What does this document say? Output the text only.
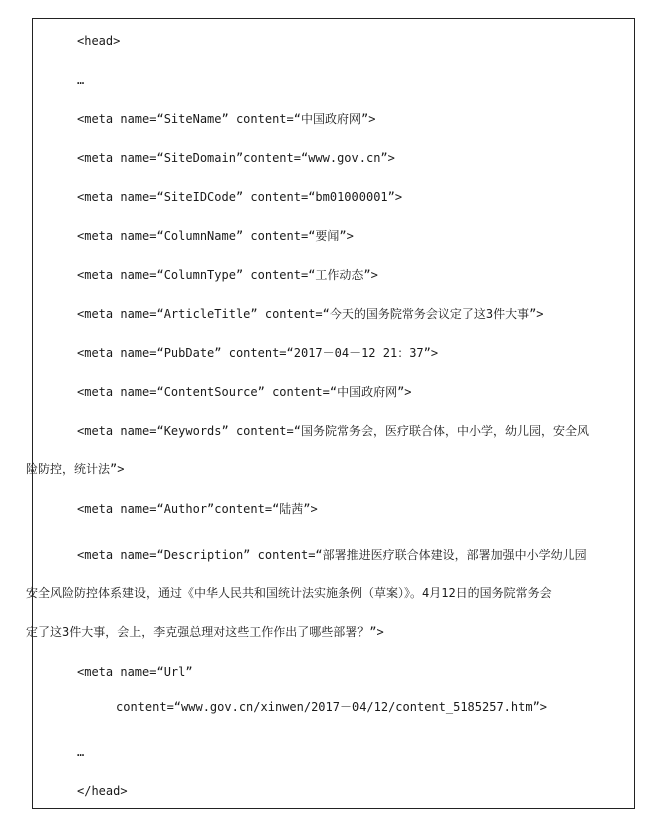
<head>
…
<meta name=“SiteName” content=“中国政府网”>
<meta name=“SiteDomain”content=“www.gov.cn”>
<meta name=“SiteIDCode” content=“bm01000001”>
<meta name=“ColumnName” content=“要闻”>
<meta name=“ColumnType” content=“工作动态”>
<meta name=“ArticleTitle” content=“今天的国务院常务会议定了这3件大事”>
<meta name=“PubDate” content=“2017－04－12 21：37”>
<meta name=“ContentSource” content=“中国政府网”>
<meta name=“Keywords” content=“国务院常务会，医疗联合体，中小学，幼儿园，安全风
险防控，统计法”>
<meta name=“Author”content=“陆茜”>
<meta name=“Description” content=“部署推进医疗联合体建设，部署加强中小学幼儿园
安全风险防控体系建设，通过《中华人民共和国统计法实施条例（草案）》。4月12日的国务院常务会
定了这3件大事，会上，李克强总理对这些工作作出了哪些部署？”>
<meta name=“Url”
content=“www.gov.cn/xinwen/2017－04/12/content_5185257.htm”>
…
</head>
